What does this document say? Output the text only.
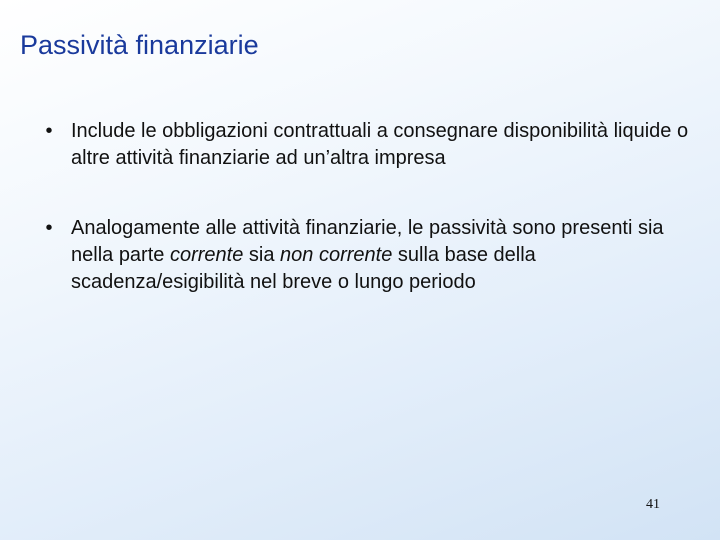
Passività finanziarie
• Include le obbligazioni contrattuali a consegnare disponibilità liquide o altre attività finanziarie ad un’altra impresa
• Analogamente alle attività finanziarie, le passività sono presenti sia nella parte corrente sia non corrente sulla base della scadenza/esigibilità nel breve o lungo periodo
41
